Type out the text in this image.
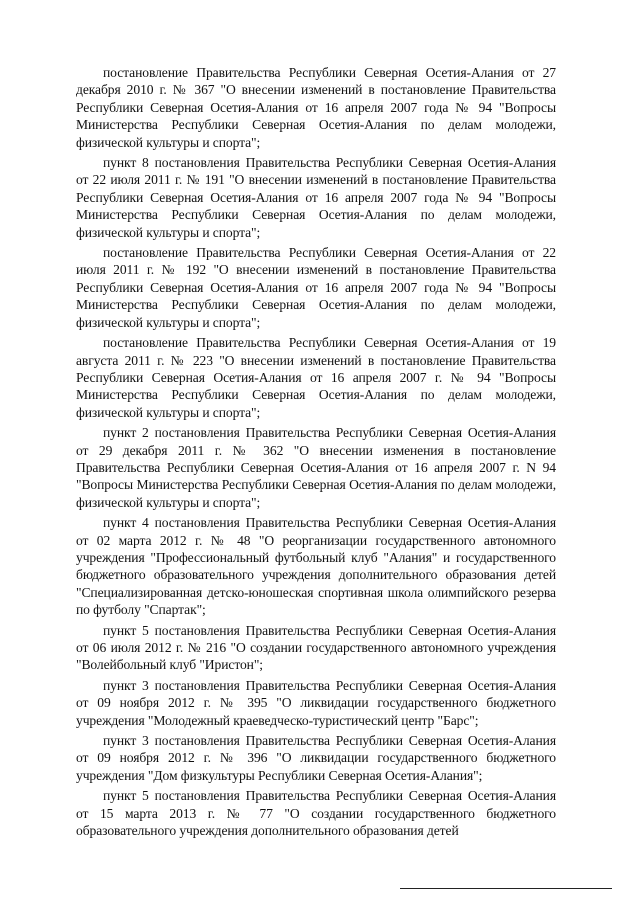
постановление Правительства Республики Северная Осетия-Алания от 27 декабря 2010 г. № 367 "О внесении изменений в постановление Правительства Республики Северная Осетия-Алания от 16 апреля 2007 года № 94 "Вопросы Министерства Республики Северная Осетия-Алания по делам молодежи, физической культуры и спорта";

пункт 8 постановления Правительства Республики Северная Осетия-Алания от 22 июля 2011 г. № 191 "О внесении изменений в постановление Правительства Республики Северная Осетия-Алания от 16 апреля 2007 года № 94 "Вопросы Министерства Республики Северная Осетия-Алания по делам молодежи, физической культуры и спорта";

постановление Правительства Республики Северная Осетия-Алания от 22 июля 2011 г. № 192 "О внесении изменений в постановление Правительства Республики Северная Осетия-Алания от 16 апреля 2007 года № 94 "Вопросы Министерства Республики Северная Осетия-Алания по делам молодежи, физической культуры и спорта";

постановление Правительства Республики Северная Осетия-Алания от 19 августа 2011 г. № 223 "О внесении изменений в постановление Правительства Республики Северная Осетия-Алания от 16 апреля 2007 г. № 94 "Вопросы Министерства Республики Северная Осетия-Алания по делам молодежи, физической культуры и спорта";

пункт 2 постановления Правительства Республики Северная Осетия-Алания от 29 декабря 2011 г. № 362 "О внесении изменения в постановление Правительства Республики Северная Осетия-Алания от 16 апреля 2007 г. N 94 "Вопросы Министерства Республики Северная Осетия-Алания по делам молодежи, физической культуры и спорта";

пункт 4 постановления Правительства Республики Северная Осетия-Алания от 02 марта 2012 г. № 48 "О реорганизации государственного автономного учреждения "Профессиональный футбольный клуб "Алания" и государственного бюджетного образовательного учреждения дополнительного образования детей "Специализированная детско-юношеская спортивная школа олимпийского резерва по футболу "Спартак";

пункт 5 постановления Правительства Республики Северная Осетия-Алания от 06 июля 2012 г. № 216 "О создании государственного автономного учреждения "Волейбольный клуб "Иристон";

пункт 3 постановления Правительства Республики Северная Осетия-Алания от 09 ноября 2012 г. № 395 "О ликвидации государственного бюджетного учреждения "Молодежный краеведческо-туристический центр "Барс";

пункт 3 постановления Правительства Республики Северная Осетия-Алания от 09 ноября 2012 г. № 396 "О ликвидации государственного бюджетного учреждения "Дом физкультуры Республики Северная Осетия-Алания";

пункт 5 постановления Правительства Республики Северная Осетия-Алания от 15 марта 2013 г. № 77 "О создании государственного бюджетного образовательного учреждения дополнительного образования детей
